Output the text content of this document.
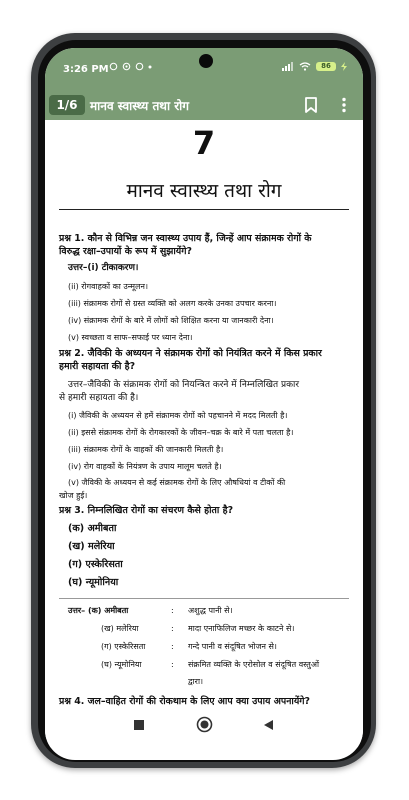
3:26 PM	86
1/6	मानव स्वास्थ्य तथा रोग
7
मानव स्वास्थ्य तथा रोग
प्रश्न 1. कौन से विभिन्न जन स्वास्थ्य उपाय हैं, जिन्हें आप संक्रामक रोगों के
विरुद्ध रक्षा–उपायों के रूप में सुझायेंगे?
उत्तर–(i) टीकाकरण।
(ii) रोगवाहकों का उन्मूलन।
(iii) संक्रामक रोगों से ग्रस्त व्यक्ति को अलग करके उनका उपचार करना।
(iv) संक्रामक रोगों के बारे में लोगों को शिक्षित करना या जानकारी देना।
(v) स्वच्छता व साफ–सफाई पर ध्यान देना।
प्रश्न 2. जैविकी के अध्ययन ने संक्रामक रोगों को नियंत्रित करने में किस प्रकार
हमारी सहायता की है?
उत्तर–जैविकी के संक्रामक रोगों को नियन्त्रित करने में निम्नलिखित प्रकार
से हमारी सहायता की है।
(i) जैविकी के अध्ययन से हमें संक्रामक रोगों को पहचानने में मदद मिलती है।
(ii) इससे संक्रामक रोगों के रोगकारकों के जीवन–चक्र के बारे में पता चलता है।
(iii) संक्रामक रोगों के वाहकों की जानकारी मिलती है।
(iv) रोग वाहकों के नियंत्रण के उपाय मालूम चलते है।
(v) जैविकी के अध्ययन से कई संक्रामक रोगों के लिए औषधियां व टीकों की
खोज हुई।
प्रश्न 3. निम्नलिखित रोगों का संचरण कैसे होता है?
(क) अमीबता
(ख) मलेरिया
(ग) एस्केरिसता
(घ) न्यूमोनिया
उत्तर– (क) अमीबता	: अशुद्ध पानी से।
(ख) मलेरिया	: मादा एनाफिलिज मच्छर के काटने से।
(ग) एस्केरिसता	: गन्दे पानी व संदूषित भोजन से।
(घ) न्यूमोनिया	: संक्रमित व्यक्ति के एरोसोल व संदूषित वस्तुओं
द्वारा।
प्रश्न 4. जल–वाहित रोगों की रोकथाम के लिए आप क्या उपाय अपनायेंगे?
